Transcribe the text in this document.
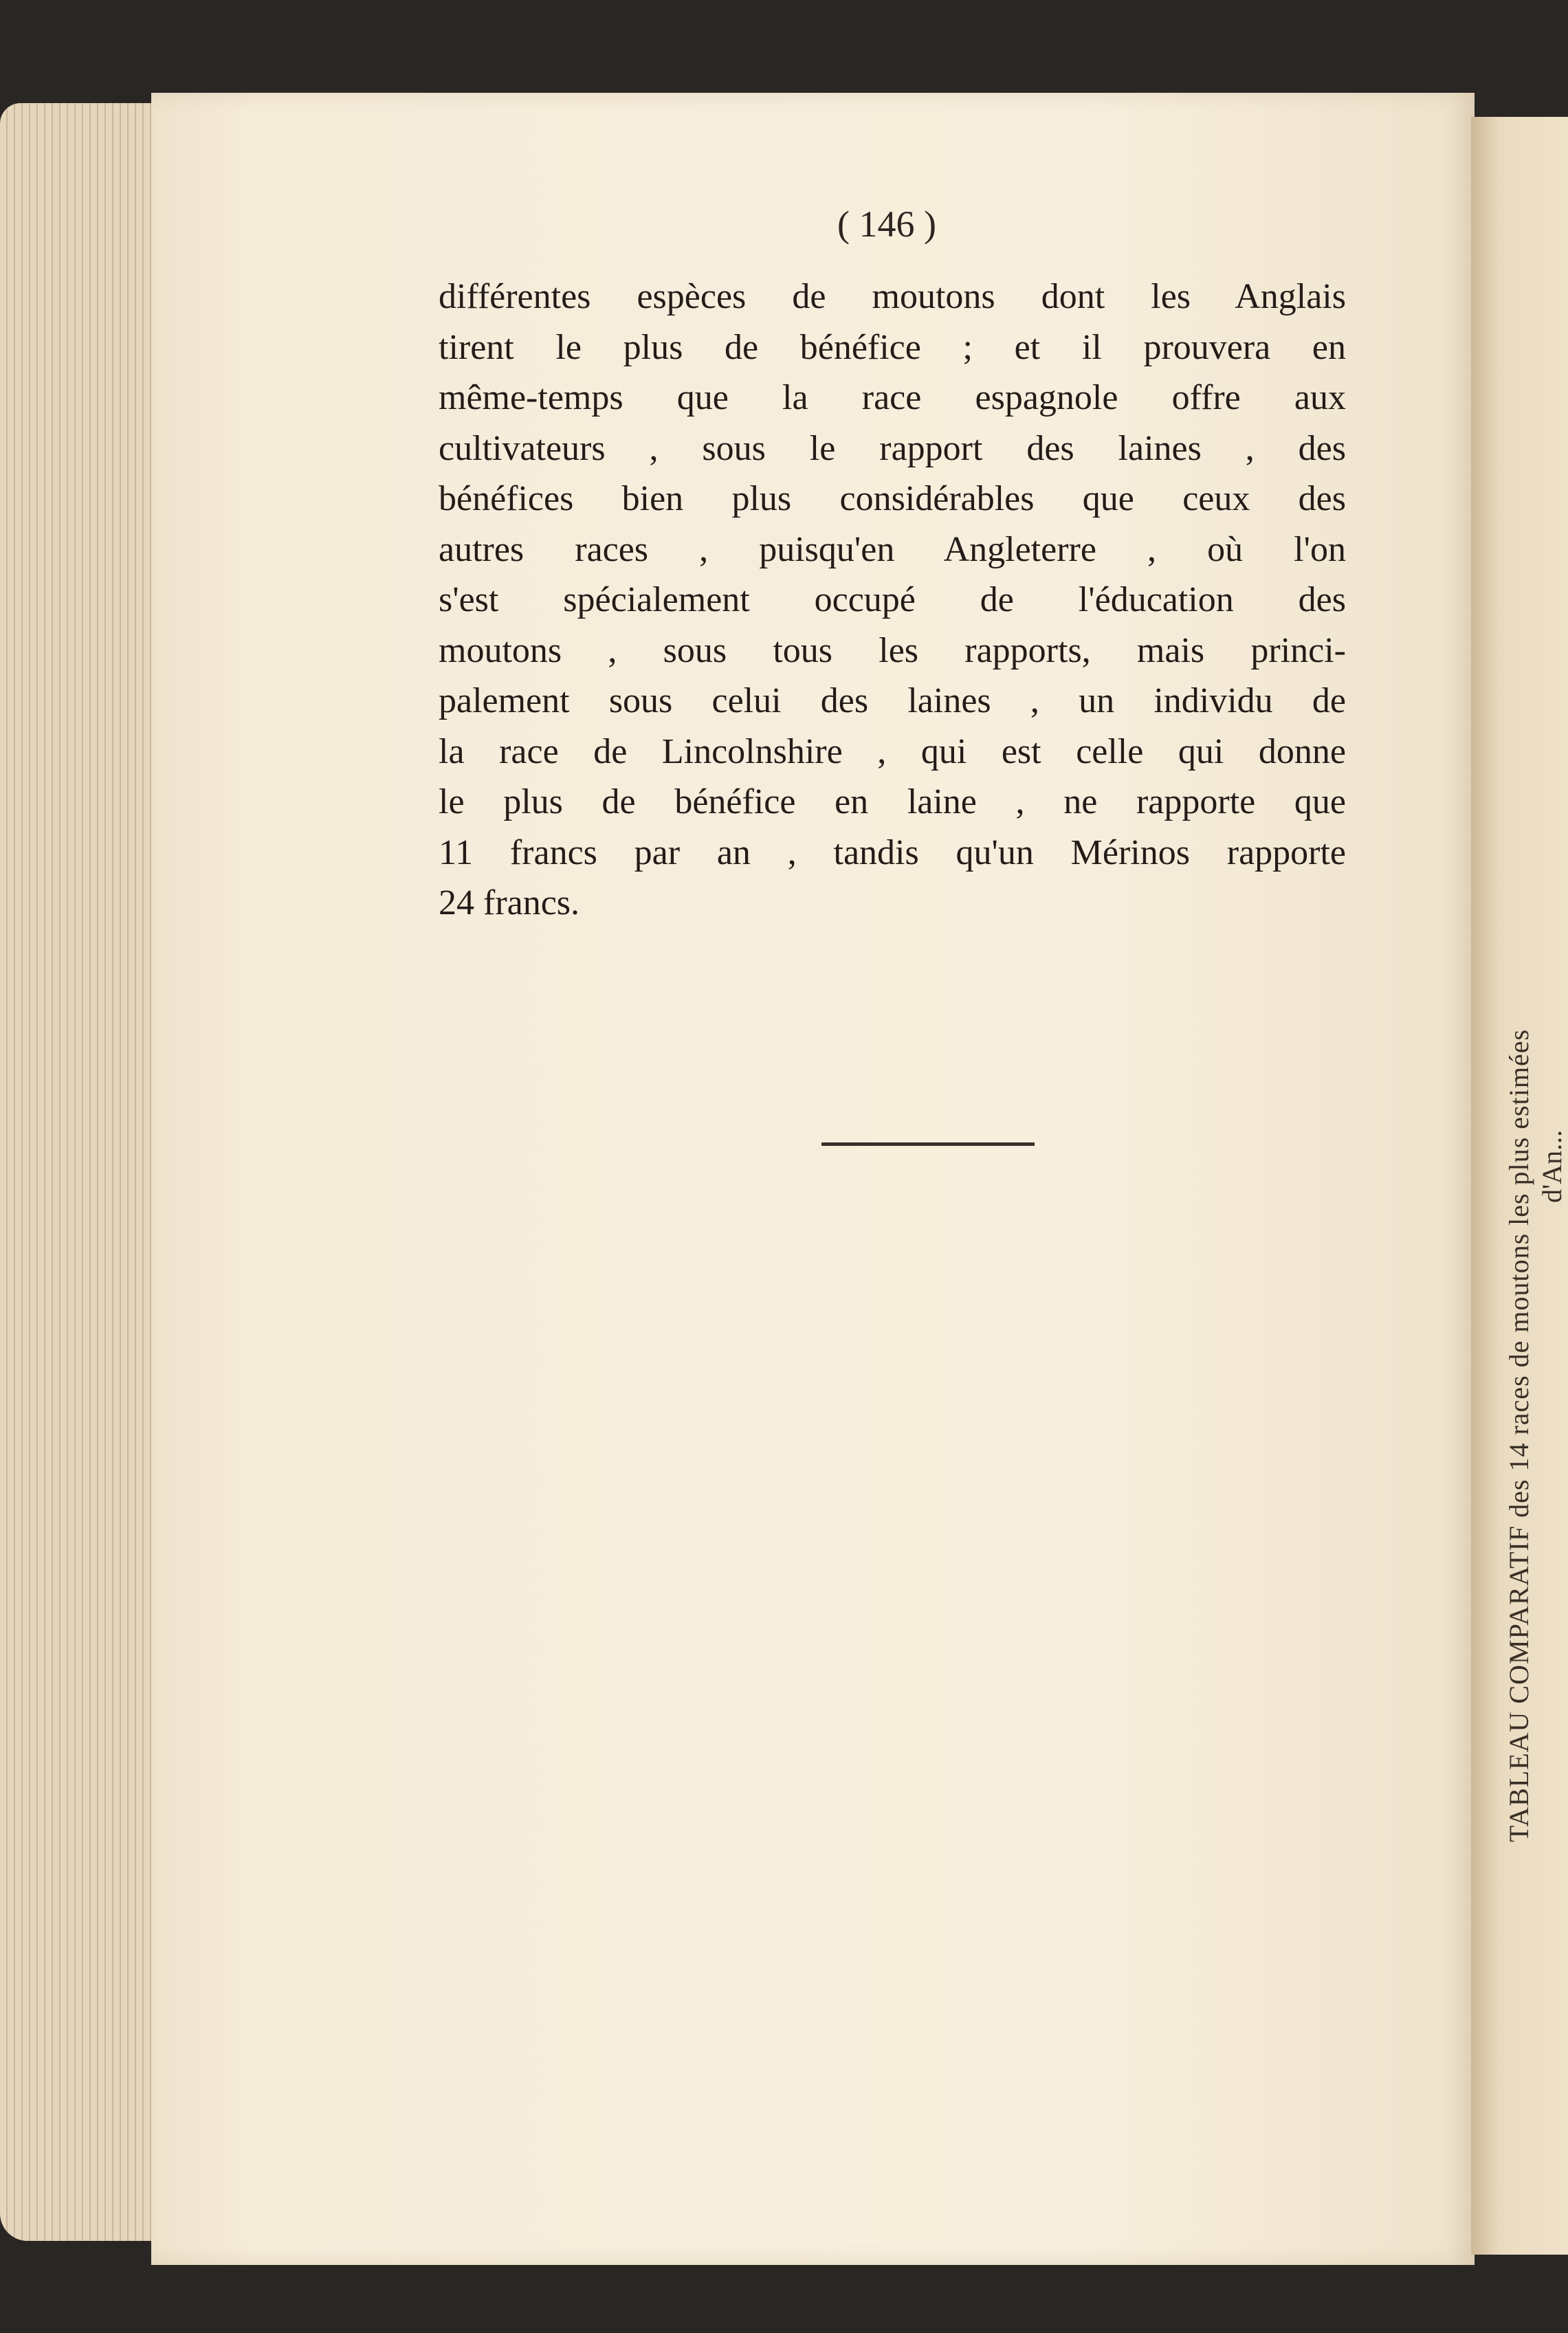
( 146 )
différentes espèces de moutons dont les Anglais
tirent le plus de bénéfice ; et il prouvera en
même-temps que la race espagnole offre aux
cultivateurs , sous le rapport des laines , des
bénéfices bien plus considérables que ceux des
autres races , puisqu'en Angleterre , où l'on
s'est spécialement occupé de l'éducation des
moutons , sous tous les rapports, mais princi-
palement sous celui des laines , un individu de
la race de Lincolnshire , qui est celle qui donne
le plus de bénéfice en laine , ne rapporte que
11 francs par an , tandis qu'un Mérinos rapporte
24 francs.
TABLEAU COMPARATIF des 14 races de moutons les plus estimées d'An...
